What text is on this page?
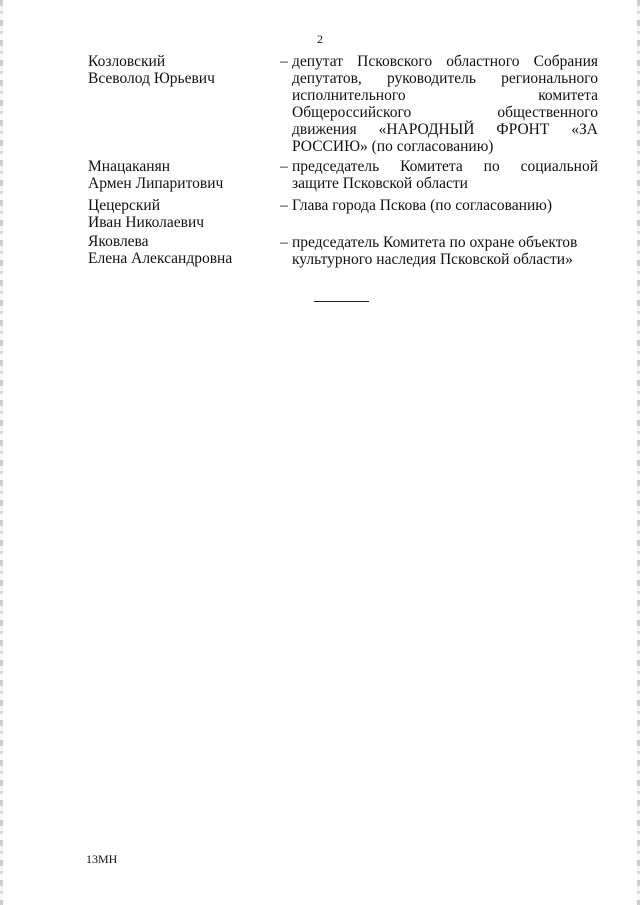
2
Козловский
Всеволод Юрьевич
– депутат Псковского областного Собрания

депутатов, руководитель регионального

исполнительного комитета

Общероссийского общественного

движения «НАРОДНЫЙ ФРОНТ «ЗА

РОССИЮ» (по согласованию)

Мнацаканян
Армен Липаритович
– председатель Комитета по социальной

защите Псковской области

Цецерский
Иван Николаевич
– Глава города Пскова (по согласованию)

Яковлева
Елена Александровна
– председатель Комитета по охране объектов

культурного наследия Псковской области»

13МН
